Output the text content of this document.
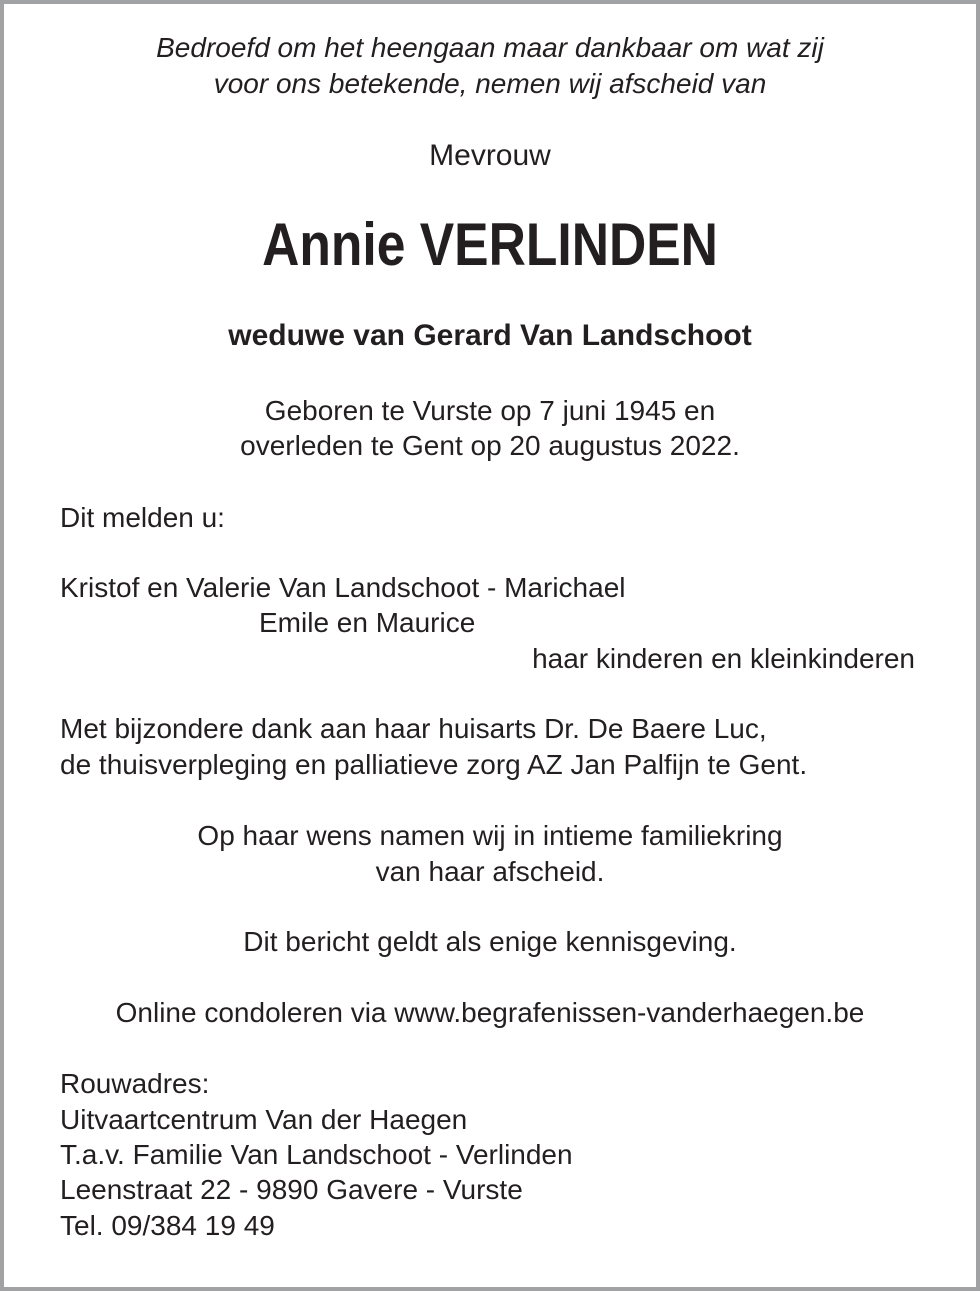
Bedroefd om het heengaan maar dankbaar om wat zij
voor ons betekende, nemen wij afscheid van
Mevrouw
Annie VERLINDEN
weduwe van Gerard Van Landschoot
Geboren te Vurste op 7 juni 1945 en
overleden te Gent op 20 augustus 2022.
Dit melden u:
Kristof en Valerie Van Landschoot - Marichael
Emile en Maurice
haar kinderen en kleinkinderen
Met bijzondere dank aan haar huisarts Dr. De Baere Luc,
de thuisverpleging en palliatieve zorg AZ Jan Palfijn te Gent.
Op haar wens namen wij in intieme familiekring
van haar afscheid.
Dit bericht geldt als enige kennisgeving.
Online condoleren via www.begrafenissen-vanderhaegen.be
Rouwadres:
Uitvaartcentrum Van der Haegen
T.a.v. Familie Van Landschoot - Verlinden
Leenstraat 22 - 9890 Gavere - Vurste
Tel. 09/384 19 49
